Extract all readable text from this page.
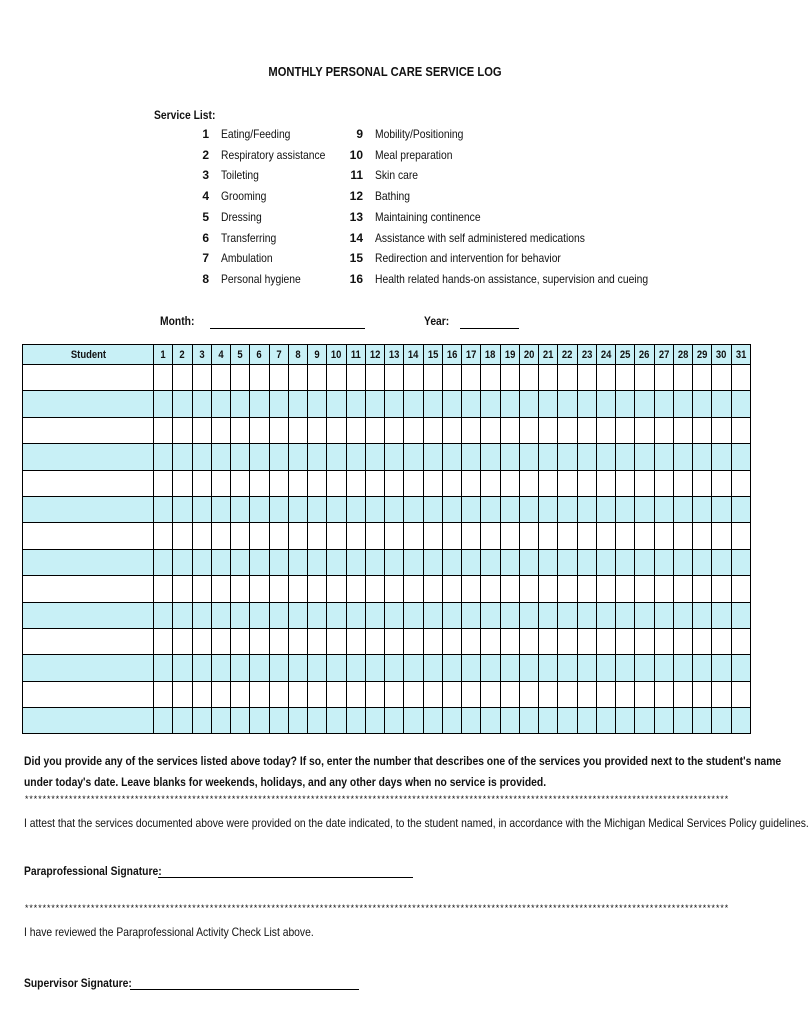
MONTHLY PERSONAL CARE SERVICE LOG
Service List:
1 Eating/Feeding
2 Respiratory assistance
3 Toileting
4 Grooming
5 Dressing
6 Transferring
7 Ambulation
8 Personal hygiene
9 Mobility/Positioning
10 Meal preparation
11 Skin care
12 Bathing
13 Maintaining continence
14 Assistance with self administered medications
15 Redirection and intervention for behavior
16 Health related hands-on assistance, supervision and cueing
Month:	Year:
Student	1	2	3	4	5	6	7	8	9	10	11	12	13	14	15	16	17	18	19	20	21	22	23	24	25	26	27	28	29	30	31

Did you provide any of the services listed above today? If so, enter the number that describes one of the services you provided next to the student's name
under today's date. Leave blanks for weekends, holidays, and any other days when no service is provided.
****************************************************************************************************************************************************************
I attest that the services documented above were provided on the date indicated, to the student named, in accordance with the Michigan Medical Services Policy guidelines.
Paraprofessional Signature:
****************************************************************************************************************************************************************
I have reviewed the Paraprofessional Activity Check List above.
Supervisor Signature:
